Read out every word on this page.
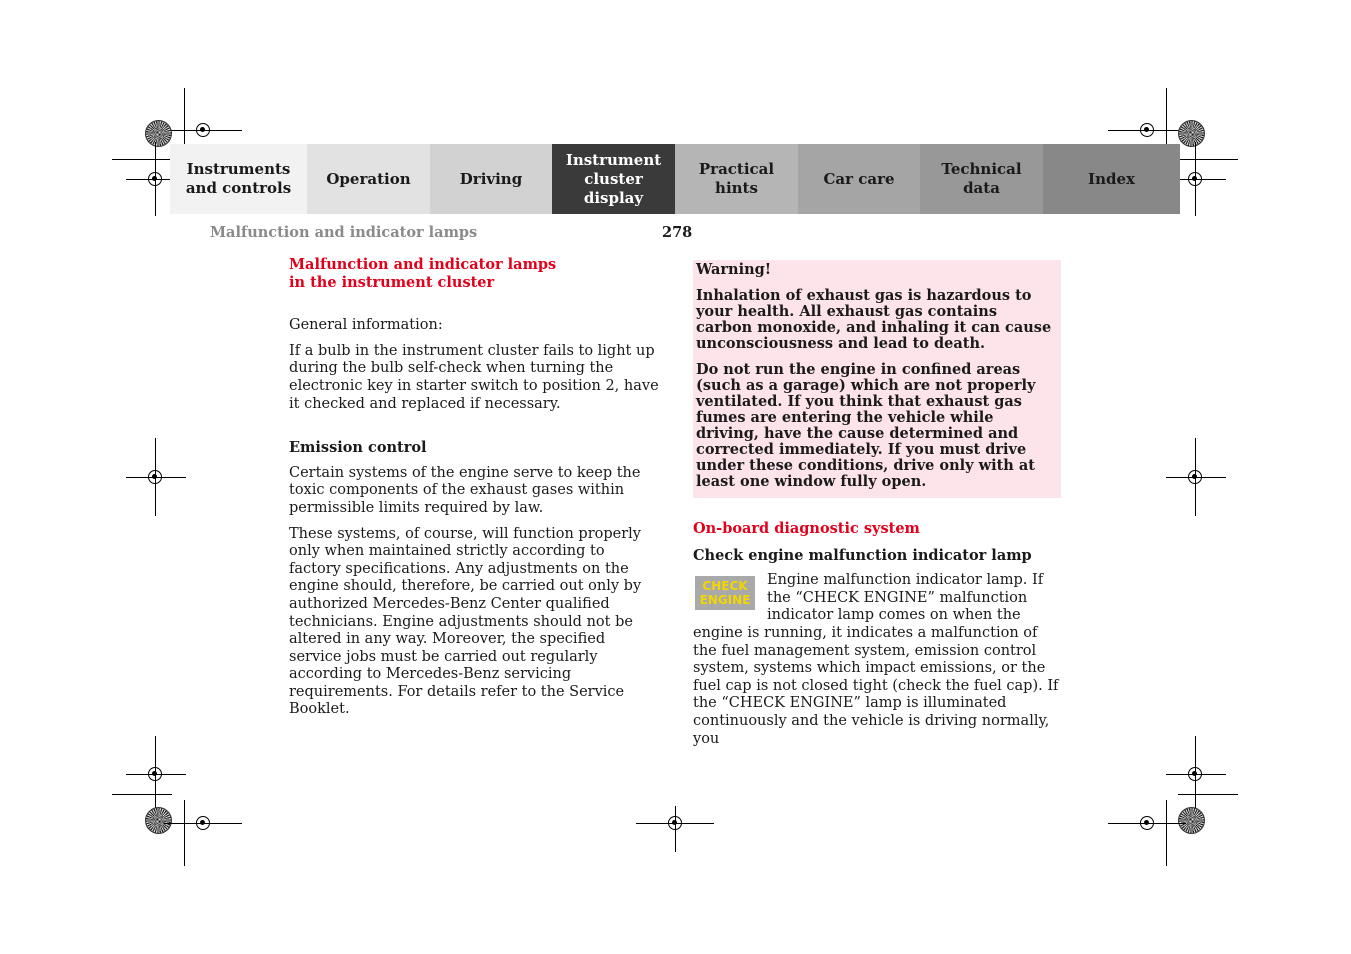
Instruments
and controls
Operation	Driving
Instrument
cluster display
Practical hints
Car care
Technical
data
Index
Malfunction and indicator lamps	278

Malfunction and indicator lamps
in the instrument cluster

General information:

If a bulb in the instrument cluster fails to light up during the bulb self-check when turning the electronic key in starter switch to position 2, have it checked and replaced if necessary.

Emission control

Certain systems of the engine serve to keep the toxic components of the exhaust gases within permissible limits required by law.

These systems, of course, will function properly only when maintained strictly according to factory specifications. Any adjustments on the engine should, therefore, be carried out only by authorized Mercedes-Benz Center qualified technicians. Engine adjustments should not be altered in any way. Moreover, the specified service jobs must be carried out regularly according to Mercedes-Benz servicing requirements. For details refer to the Service Booklet.

Warning!

Inhalation of exhaust gas is hazardous to your health. All exhaust gas contains carbon monoxide, and inhaling it can cause unconsciousness and lead to death.

Do not run the engine in confined areas (such as a garage) which are not properly ventilated. If you think that exhaust gas fumes are entering the vehicle while driving, have the cause determined and corrected immediately. If you must drive under these conditions, drive only with at least one window fully open.

On-board diagnostic system

Check engine malfunction indicator lamp

CHECK
ENGINE
Engine malfunction indicator lamp. If the “CHECK ENGINE” malfunction indicator lamp comes on when the engine is running, it indicates a malfunction of the fuel management system, emission control system, systems which impact emissions, or the fuel cap is not closed tight (check the fuel cap). If the “CHECK ENGINE” lamp is illuminated continuously and the vehicle is driving normally, you
